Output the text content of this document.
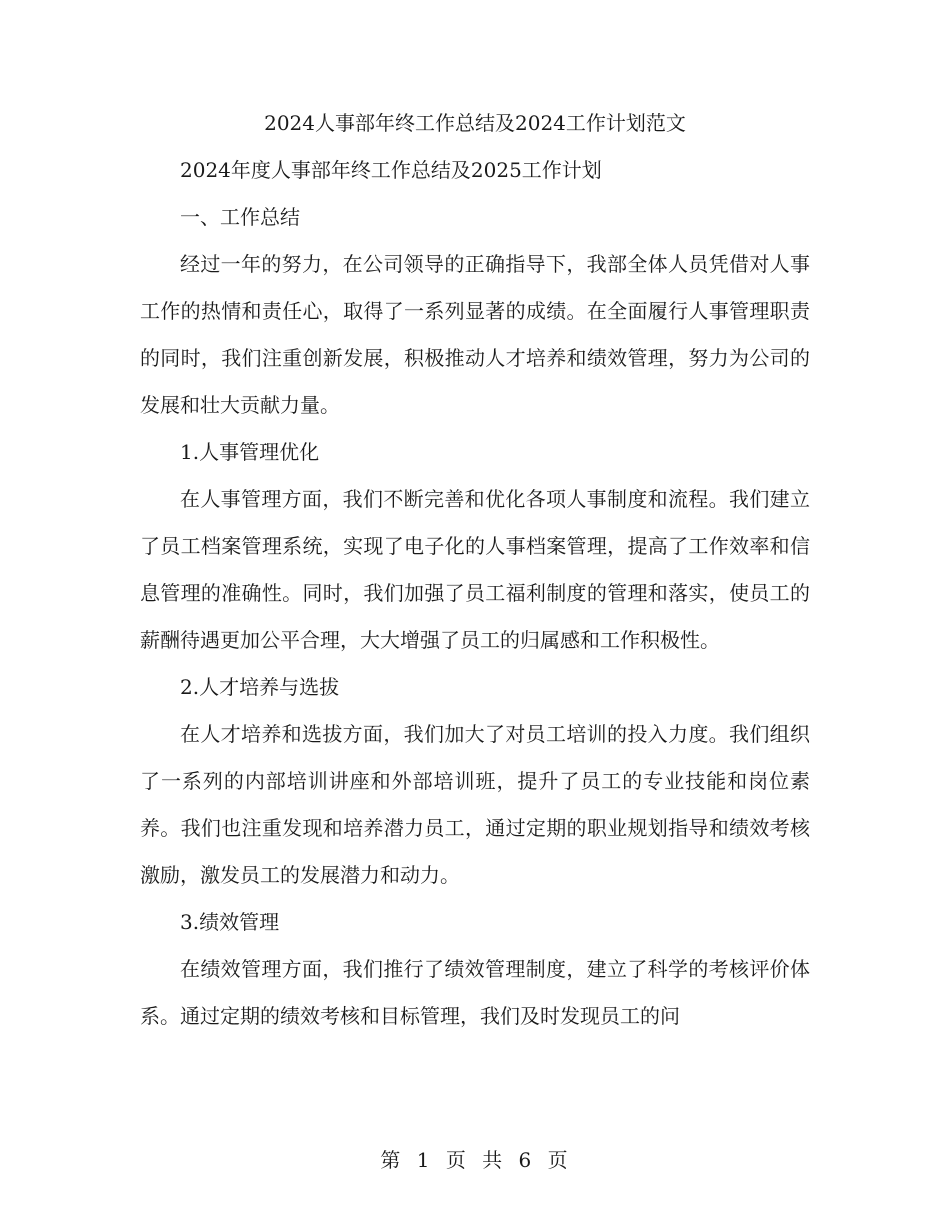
2024人事部年终工作总结及2024工作计划范文

2024年度人事部年终工作总结及2025工作计划

一、工作总结

经过一年的努力，在公司领导的正确指导下，我部全体人员凭借对人事工作的热情和责任心，取得了一系列显著的成绩。在全面履行人事管理职责的同时，我们注重创新发展，积极推动人才培养和绩效管理，努力为公司的发展和壮大贡献力量。

1.人事管理优化

在人事管理方面，我们不断完善和优化各项人事制度和流程。我们建立了员工档案管理系统，实现了电子化的人事档案管理，提高了工作效率和信息管理的准确性。同时，我们加强了员工福利制度的管理和落实，使员工的薪酬待遇更加公平合理，大大增强了员工的归属感和工作积极性。

2.人才培养与选拔

在人才培养和选拔方面，我们加大了对员工培训的投入力度。我们组织了一系列的内部培训讲座和外部培训班，提升了员工的专业技能和岗位素养。我们也注重发现和培养潜力员工，通过定期的职业规划指导和绩效考核激励，激发员工的发展潜力和动力。

3.绩效管理

在绩效管理方面，我们推行了绩效管理制度，建立了科学的考核评价体系。通过定期的绩效考核和目标管理，我们及时发现员工的问

第 1 页 共 6 页
